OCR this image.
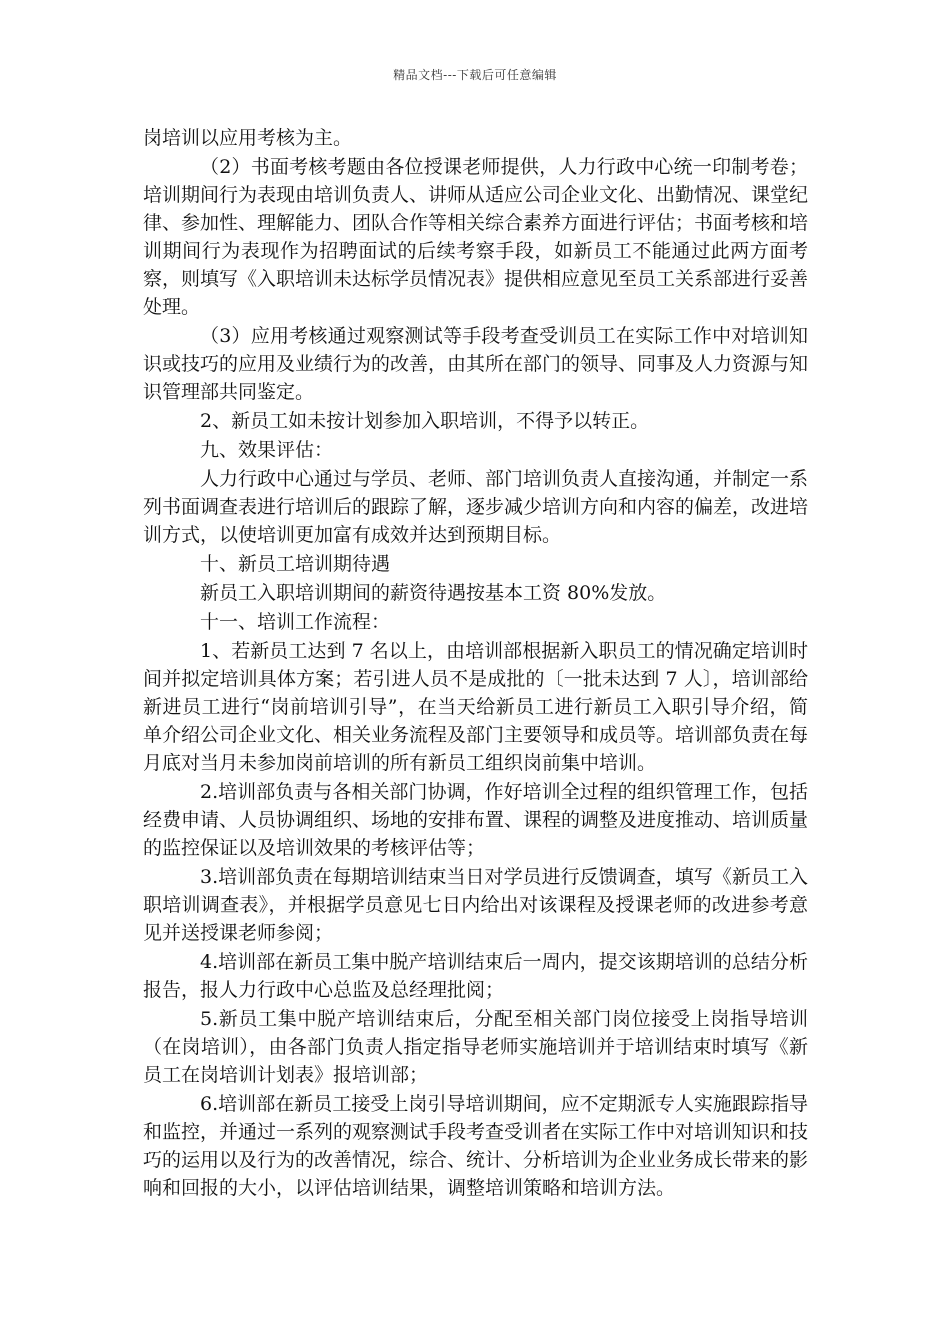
精品文档---下载后可任意编辑

岗培训以应用考核为主。

（2）书面考核考题由各位授课老师提供，人力行政中心统一印制考卷；培训期间行为表现由培训负责人、讲师从适应公司企业文化、出勤情况、课堂纪律、参加性、理解能力、团队合作等相关综合素养方面进行评估；书面考核和培训期间行为表现作为招聘面试的后续考察手段，如新员工不能通过此两方面考察，则填写《入职培训未达标学员情况表》提供相应意见至员工关系部进行妥善处理。

（3）应用考核通过观察测试等手段考查受训员工在实际工作中对培训知识或技巧的应用及业绩行为的改善，由其所在部门的领导、同事及人力资源与知识管理部共同鉴定。

2、新员工如未按计划参加入职培训，不得予以转正。

九、效果评估：

人力行政中心通过与学员、老师、部门培训负责人直接沟通，并制定一系列书面调查表进行培训后的跟踪了解，逐步减少培训方向和内容的偏差，改进培训方式，以使培训更加富有成效并达到预期目标。

十、新员工培训期待遇

新员工入职培训期间的薪资待遇按基本工资 80%发放。

十一、培训工作流程：

1、若新员工达到 7 名以上，由培训部根据新入职员工的情况确定培训时间并拟定培训具体方案；若引进人员不是成批的〔一批未达到 7 人〕，培训部给新进员工进行“岗前培训引导”，在当天给新员工进行新员工入职引导介绍，简单介绍公司企业文化、相关业务流程及部门主要领导和成员等。培训部负责在每月底对当月未参加岗前培训的所有新员工组织岗前集中培训。

2.培训部负责与各相关部门协调，作好培训全过程的组织管理工作，包括经费申请、人员协调组织、场地的安排布置、课程的调整及进度推动、培训质量的监控保证以及培训效果的考核评估等；

3.培训部负责在每期培训结束当日对学员进行反馈调查，填写《新员工入职培训调查表》，并根据学员意见七日内给出对该课程及授课老师的改进参考意见并送授课老师参阅；

4.培训部在新员工集中脱产培训结束后一周内，提交该期培训的总结分析报告，报人力行政中心总监及总经理批阅；

5.新员工集中脱产培训结束后，分配至相关部门岗位接受上岗指导培训（在岗培训），由各部门负责人指定指导老师实施培训并于培训结束时填写《新员工在岗培训计划表》报培训部；

6.培训部在新员工接受上岗引导培训期间，应不定期派专人实施跟踪指导和监控，并通过一系列的观察测试手段考查受训者在实际工作中对培训知识和技巧的运用以及行为的改善情况，综合、统计、分析培训为企业业务成长带来的影响和回报的大小，以评估培训结果，调整培训策略和培训方法。
